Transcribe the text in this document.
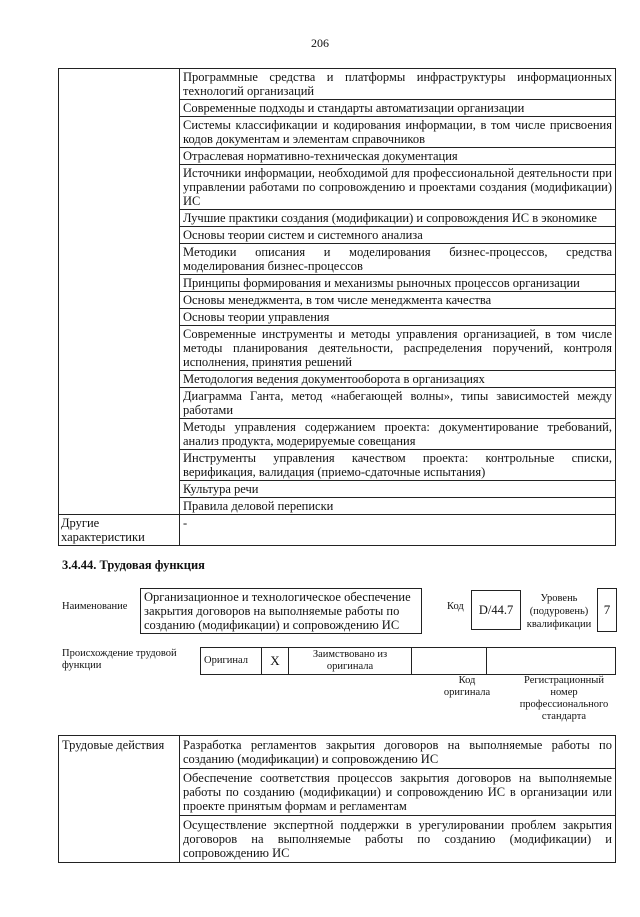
206
	Программные средства и платформы инфраструктуры информационных технологий организаций
	Современные подходы и стандарты автоматизации организации
	Системы классификации и кодирования информации, в том числе присвоения кодов документам и элементам справочников
	Отраслевая нормативно-техническая документация
	Источники информации, необходимой для профессиональной деятельности при управлении работами по сопровождению и проектами создания (модификации) ИС
	Лучшие практики создания (модификации) и сопровождения ИС в экономике
	Основы теории систем и системного анализа
	Методики описания и моделирования бизнес-процессов, средства моделирования бизнес-процессов
	Принципы формирования и механизмы рыночных процессов организации
	Основы менеджмента, в том числе менеджмента качества
	Основы теории управления
	Современные инструменты и методы управления организацией, в том числе методы планирования деятельности, распределения поручений, контроля исполнения, принятия решений
	Методология ведения документооборота в организациях
	Диаграмма Ганта, метод «набегающей волны», типы зависимостей между работами
	Методы управления содержанием проекта: документирование требований, анализ продукта, модерируемые совещания
	Инструменты управления качеством проекта: контрольные списки, верификация, валидация (приемо-сдаточные испытания)
	Культура речи
	Правила деловой переписки
Другие характеристики	-
3.4.44. Трудовая функция
Наименование
Организационное и технологическое обеспечение закрытия договоров на выполняемые работы по созданию (модификации) и сопровождению ИС
Код	D/44.7
Уровень (подуровень) квалификации
7
Происхождение трудовой функции	Оригинал	X	Заимствовано из оригинала		
Код оригинала
Регистрационный номер профессионального стандарта
Трудовые действия	Разработка регламентов закрытия договоров на выполняемые работы по созданию (модификации) и сопровождению ИС
Обеспечение соответствия процессов закрытия договоров на выполняемые работы по созданию (модификации) и сопровождению ИС в организации или проекте принятым формам и регламентам
Осуществление экспертной поддержки в урегулировании проблем закрытия договоров на выполняемые работы по созданию (модификации) и сопровождению ИС
